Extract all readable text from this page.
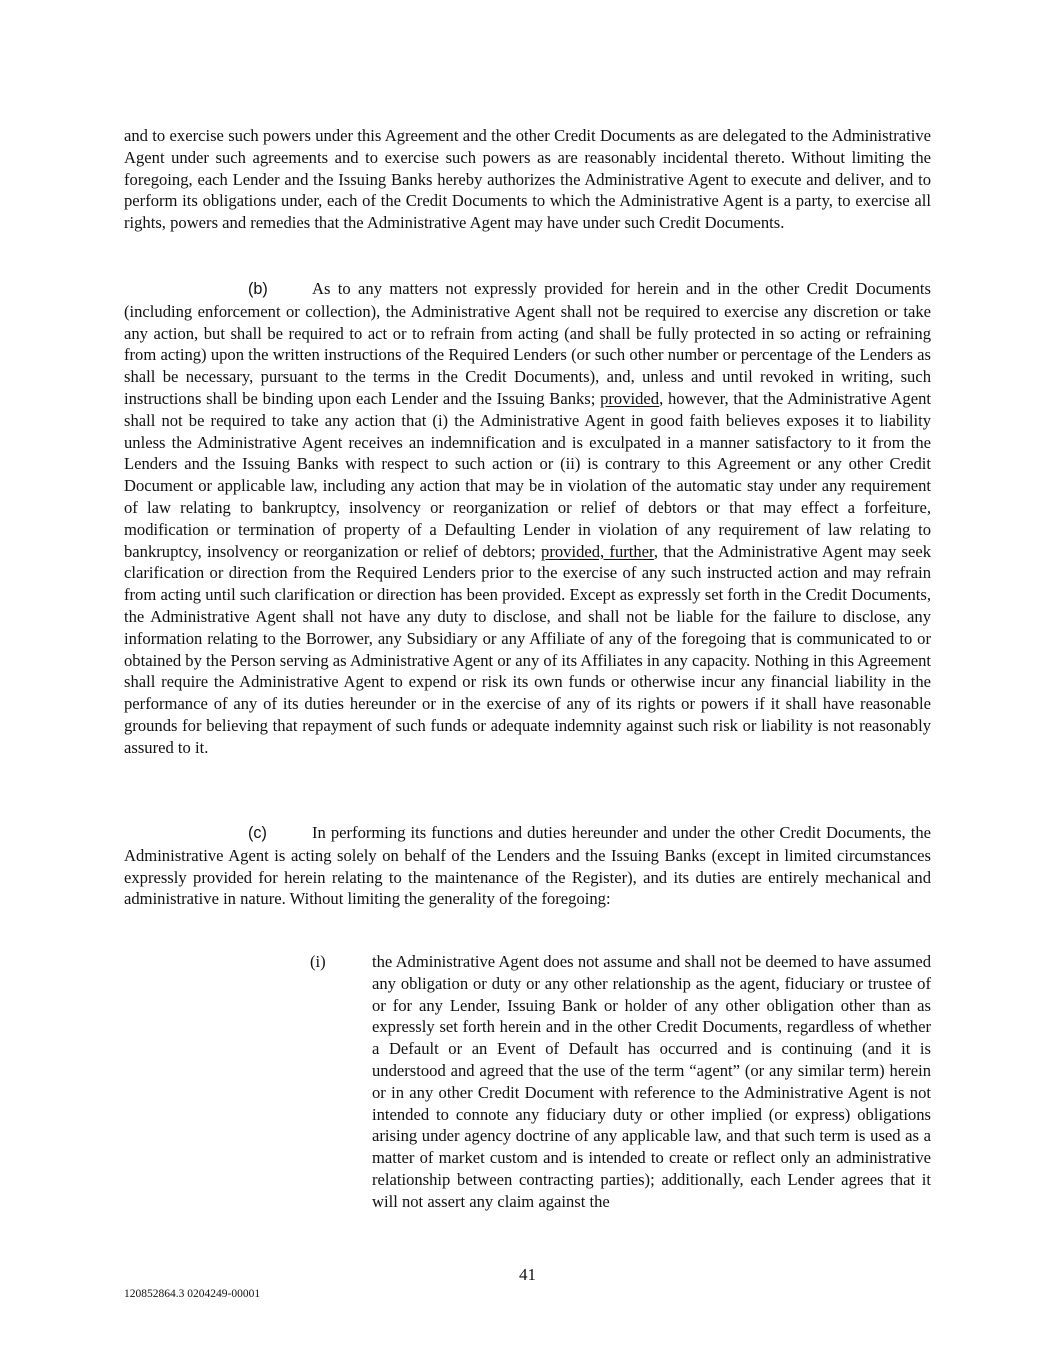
and to exercise such powers under this Agreement and the other Credit Documents as are delegated to the Administrative Agent under such agreements and to exercise such powers as are reasonably incidental thereto. Without limiting the foregoing, each Lender and the Issuing Banks hereby authorizes the Administrative Agent to execute and deliver, and to perform its obligations under, each of the Credit Documents to which the Administrative Agent is a party, to exercise all rights, powers and remedies that the Administrative Agent may have under such Credit Documents.

(b)	As to any matters not expressly provided for herein and in the other Credit Documents (including enforcement or collection), the Administrative Agent shall not be required to exercise any discretion or take any action, but shall be required to act or to refrain from acting (and shall be fully protected in so acting or refraining from acting) upon the written instructions of the Required Lenders (or such other number or percentage of the Lenders as shall be necessary, pursuant to the terms in the Credit Documents), and, unless and until revoked in writing, such instructions shall be binding upon each Lender and the Issuing Banks; provided, however, that the Administrative Agent shall not be required to take any action that (i) the Administrative Agent in good faith believes exposes it to liability unless the Administrative Agent receives an indemnification and is exculpated in a manner satisfactory to it from the Lenders and the Issuing Banks with respect to such action or (ii) is contrary to this Agreement or any other Credit Document or applicable law, including any action that may be in violation of the automatic stay under any requirement of law relating to bankruptcy, insolvency or reorganization or relief of debtors or that may effect a forfeiture, modification or termination of property of a Defaulting Lender in violation of any requirement of law relating to bankruptcy, insolvency or reorganization or relief of debtors; provided, further, that the Administrative Agent may seek clarification or direction from the Required Lenders prior to the exercise of any such instructed action and may refrain from acting until such clarification or direction has been provided. Except as expressly set forth in the Credit Documents, the Administrative Agent shall not have any duty to disclose, and shall not be liable for the failure to disclose, any information relating to the Borrower, any Subsidiary or any Affiliate of any of the foregoing that is communicated to or obtained by the Person serving as Administrative Agent or any of its Affiliates in any capacity. Nothing in this Agreement shall require the Administrative Agent to expend or risk its own funds or otherwise incur any financial liability in the performance of any of its duties hereunder or in the exercise of any of its rights or powers if it shall have reasonable grounds for believing that repayment of such funds or adequate indemnity against such risk or liability is not reasonably assured to it.

(c)	In performing its functions and duties hereunder and under the other Credit Documents, the Administrative Agent is acting solely on behalf of the Lenders and the Issuing Banks (except in limited circumstances expressly provided for herein relating to the maintenance of the Register), and its duties are entirely mechanical and administrative in nature. Without limiting the generality of the foregoing:

(i)	the Administrative Agent does not assume and shall not be deemed to have assumed any obligation or duty or any other relationship as the agent, fiduciary or trustee of or for any Lender, Issuing Bank or holder of any other obligation other than as expressly set forth herein and in the other Credit Documents, regardless of whether a Default or an Event of Default has occurred and is continuing (and it is understood and agreed that the use of the term “agent” (or any similar term) herein or in any other Credit Document with reference to the Administrative Agent is not intended to connote any fiduciary duty or other implied (or express) obligations arising under agency doctrine of any applicable law, and that such term is used as a matter of market custom and is intended to create or reflect only an administrative relationship between contracting parties); additionally, each Lender agrees that it will not assert any claim against the

41
120852864.3 0204249-00001
